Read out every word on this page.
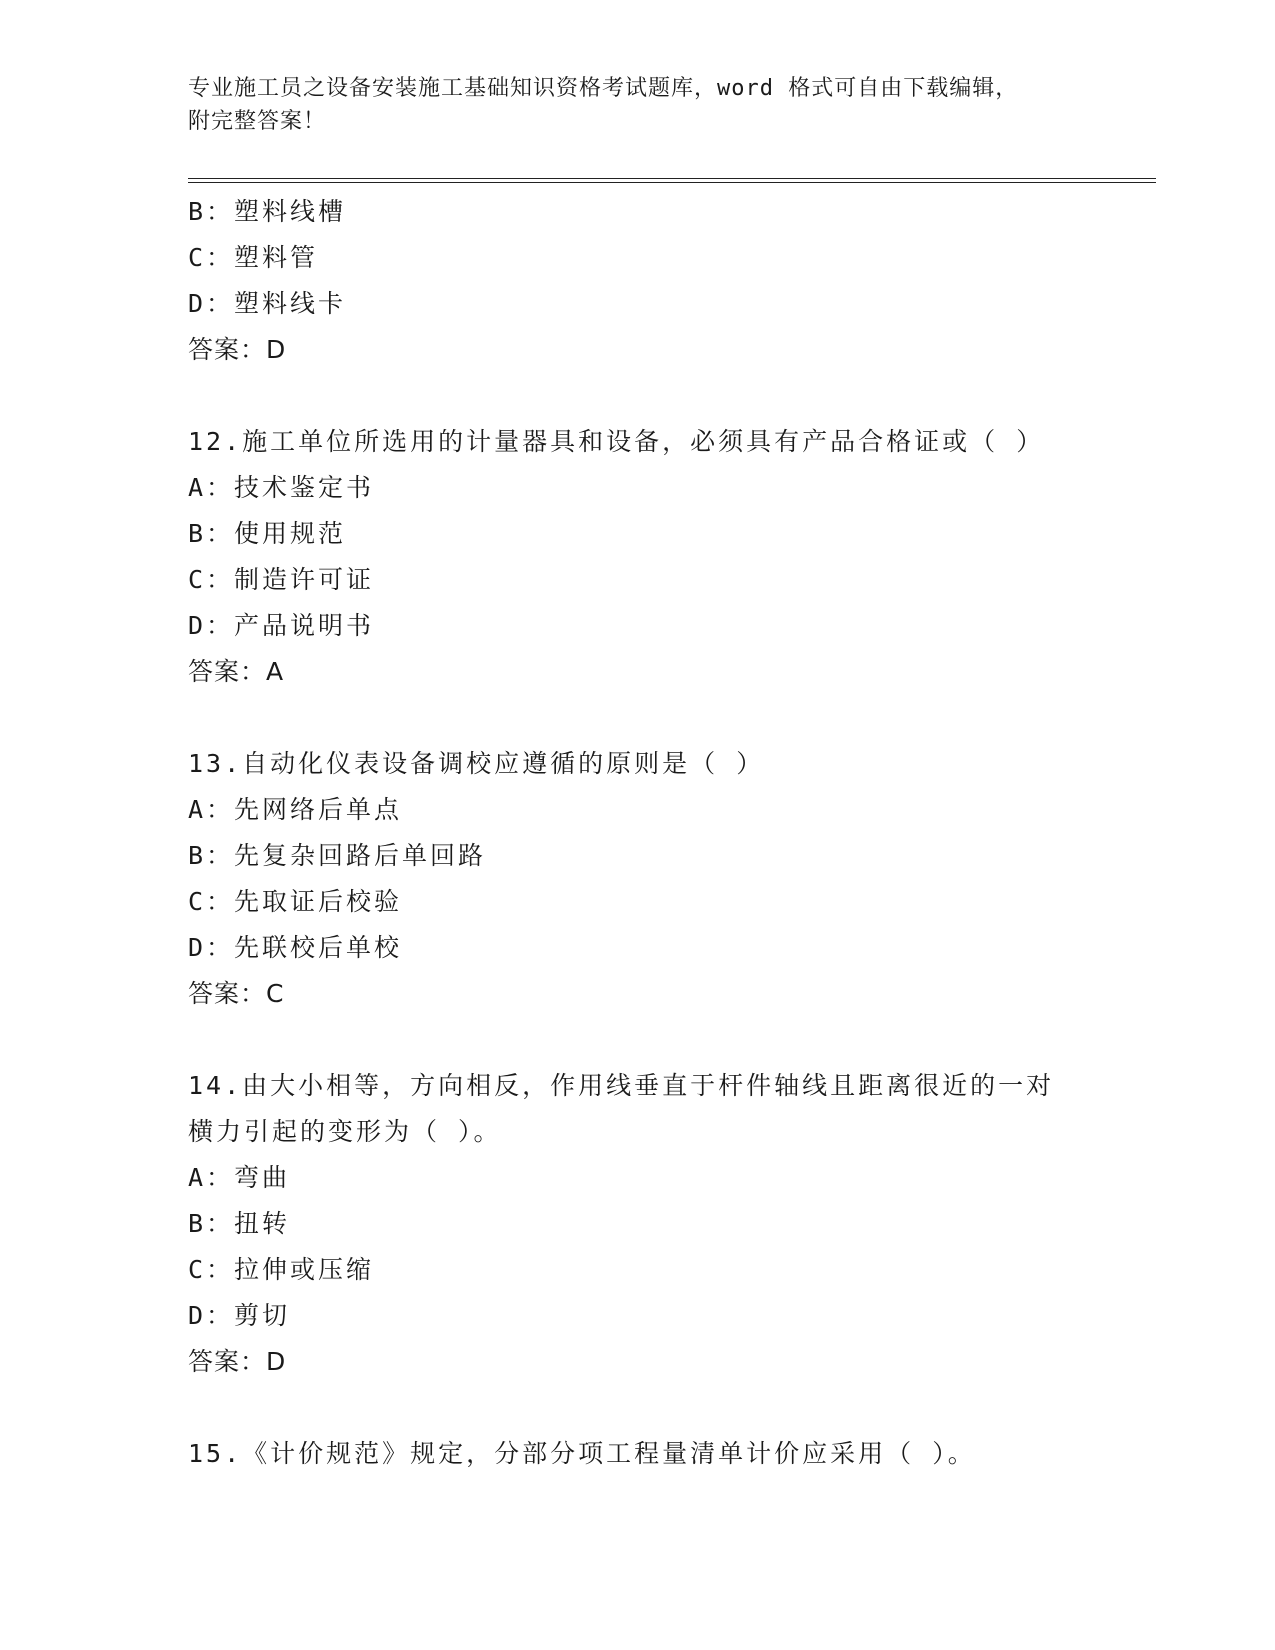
专业施工员之设备安装施工基础知识资格考试题库，word 格式可自由下载编辑，
附完整答案！
B：塑料线槽
C：塑料管
D：塑料线卡
答案：D
12.施工单位所选用的计量器具和设备，必须具有产品合格证或（ ）
A：技术鉴定书
B：使用规范
C：制造许可证
D：产品说明书
答案：A
13.自动化仪表设备调校应遵循的原则是（ ）
A：先网络后单点
B：先复杂回路后单回路
C：先取证后校验
D：先联校后单校
答案：C
14.由大小相等，方向相反，作用线垂直于杆件轴线且距离很近的一对
横力引起的变形为（ ）。
A：弯曲
B：扭转
C：拉伸或压缩
D：剪切
答案：D
15.《计价规范》规定，分部分项工程量清单计价应采用（ ）。
